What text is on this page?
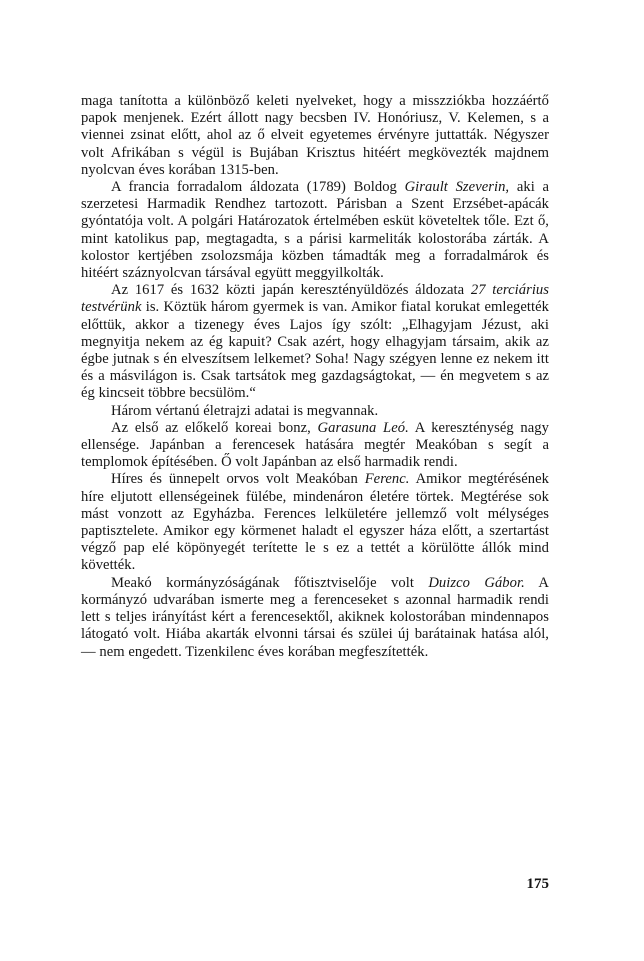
maga tanította a különböző keleti nyelveket, hogy a misszziókba hozzáértő papok menjenek. Ezért állott nagy becsben IV. Honóriusz, V. Kelemen, s a viennei zsinat előtt, ahol az ő elveit egyetemes érvényre juttatták. Négyszer volt Afrikában s végül is Bujában Krisztus hitéért megkövezték majdnem nyolcvan éves korában 1315-ben.

A francia forradalom áldozata (1789) Boldog Girault Szeverin, aki a szerzetesi Harmadik Rendhez tartozott. Párisban a Szent Erzsébet-apácák gyóntatója volt. A polgári Határozatok értelmében esküt követeltek tőle. Ezt ő, mint katolikus pap, megtagadta, s a párisi karmeliták kolostorába zárták. A kolostor kertjében zsolozsmája közben támadták meg a forradalmárok és hitéért száznyolcvan társával együtt meggyilkolták.

Az 1617 és 1632 közti japán keresztényüldözés áldozata 27 terciárius testvérünk is. Köztük három gyermek is van. Amikor fiatal korukat emlegették előttük, akkor a tizenegy éves Lajos így szólt: „Elhagyjam Jézust, aki megnyitja nekem az ég kapuit? Csak azért, hogy elhagyjam társaim, akik az égbe jutnak s én elveszítsem lelkemet? Soha! Nagy szégyen lenne ez nekem itt és a másvilágon is. Csak tartsátok meg gazdagságtokat, — én megvetem s az ég kincseit többre becsülöm.“

Három vértanú életrajzi adatai is megvannak.

Az első az előkelő koreai bonz, Garasuna Leó. A kereszténység nagy ellensége. Japánban a ferencesek hatására megtér Meakóban s segít a templomok építésében. Ő volt Japánban az első harmadik rendi.

Híres és ünnepelt orvos volt Meakóban Ferenc. Amikor megtérésének híre eljutott ellenségeinek fülébe, mindenáron életére törtek. Megtérése sok mást vonzott az Egyházba. Ferences lelkületére jellemző volt mélységes paptisztelete. Amikor egy körmenet haladt el egyszer háza előtt, a szertartást végző pap elé köpönyegét terítette le s ez a tettét a körülötte állók mind követték.

Meakó kormányzóságának főtisztviselője volt Duizco Gábor. A kormányzó udvarában ismerte meg a ferenceseket s azonnal harmadik rendi lett s teljes irányítást kért a ferencesektől, akiknek kolostorában mindennapos látogató volt. Hiába akarták elvonni társai és szülei új barátainak hatása alól, — nem engedett. Tizenkilenc éves korában megfeszítették.

175
